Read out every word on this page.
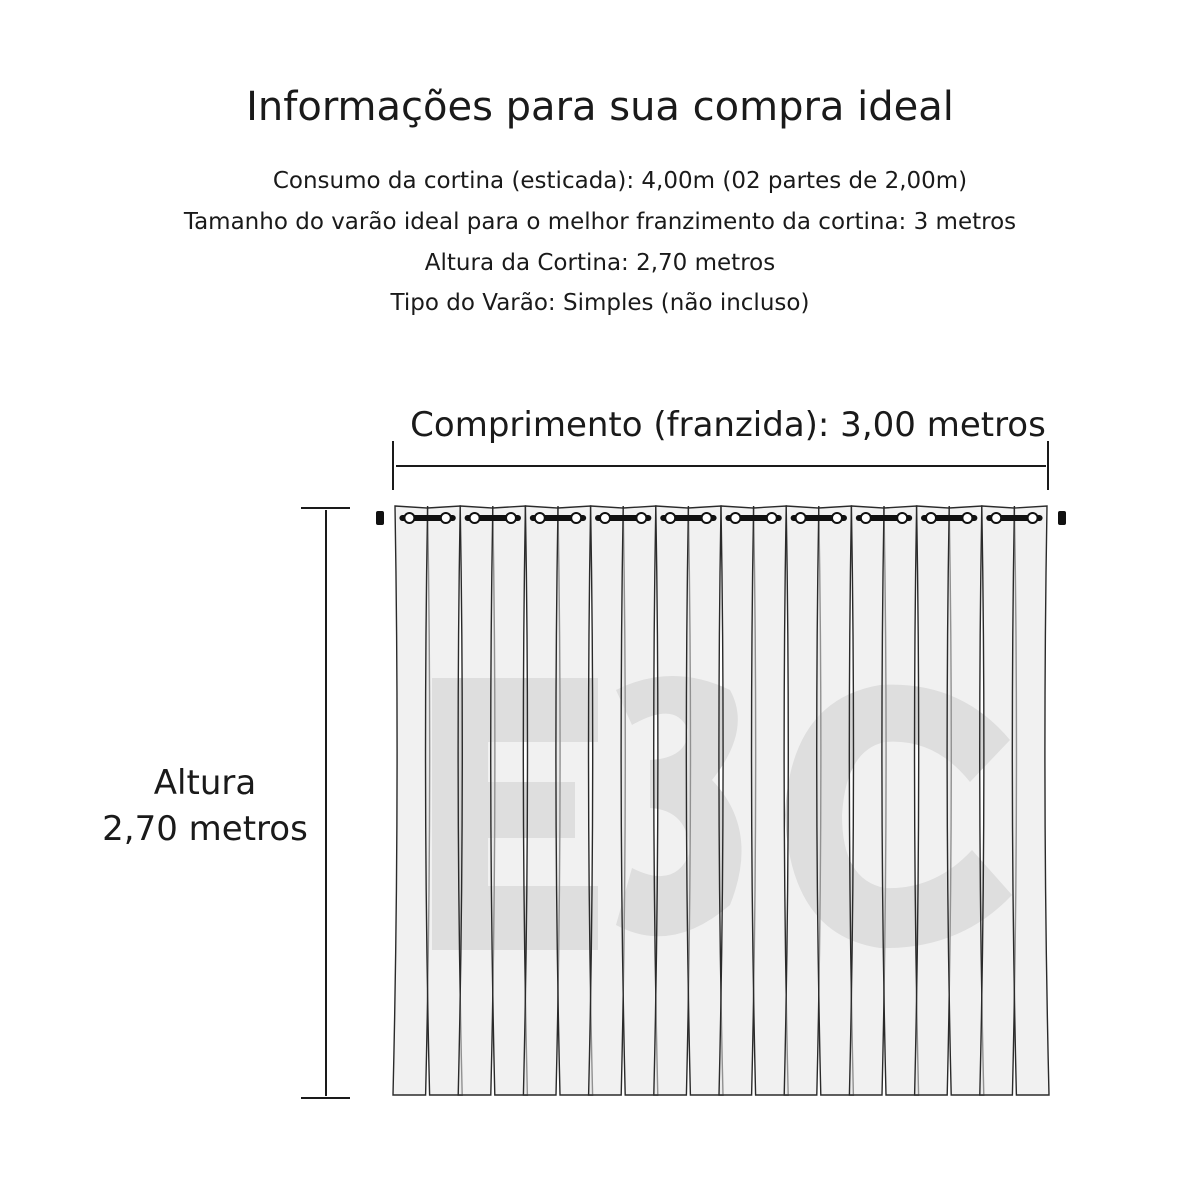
Informações para sua compra ideal
Consumo da cortina (esticada): 4,00m (02 partes de 2,00m)
Tamanho do varão ideal para o melhor franzimento da cortina: 3 metros
Altura da Cortina: 2,70 metros
Tipo do Varão: Simples (não incluso)
Comprimento (franzida): 3,00 metros
Altura
2,70 metros
